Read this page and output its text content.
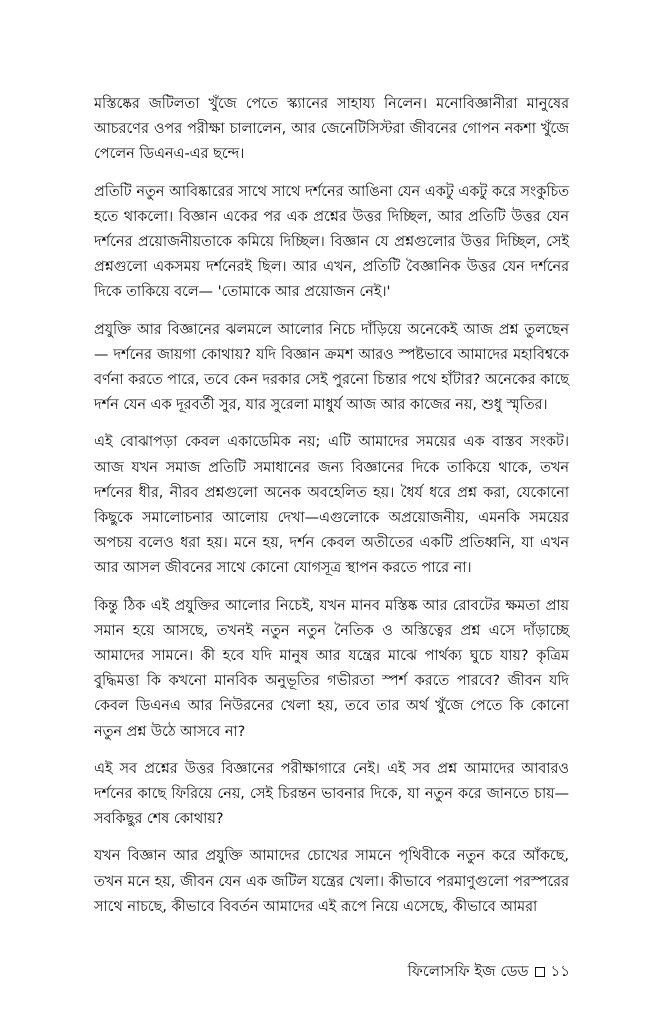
মস্তিষ্কের জটিলতা খুঁজে পেতে স্ক্যানের সাহায্য নিলেন। মনোবিজ্ঞানীরা মানুষের আচরণের ওপর পরীক্ষা চালালেন, আর জেনেটিসিস্টরা জীবনের গোপন নকশা খুঁজে পেলেন ডিএনএ-এর ছন্দে।

প্রতিটি নতুন আবিষ্কারের সাথে সাথে দর্শনের আঙিনা যেন একটু একটু করে সংকুচিত হতে থাকলো। বিজ্ঞান একের পর এক প্রশ্নের উত্তর দিচ্ছিল, আর প্রতিটি উত্তর যেন দর্শনের প্রয়োজনীয়তাকে কমিয়ে দিচ্ছিল। বিজ্ঞান যে প্রশ্নগুলোর উত্তর দিচ্ছিল, সেই প্রশ্নগুলো একসময় দর্শনেরই ছিল। আর এখন, প্রতিটি বৈজ্ঞানিক উত্তর যেন দর্শনের দিকে তাকিয়ে বলে— 'তোমাকে আর প্রয়োজন নেই।'

প্রযুক্তি আর বিজ্ঞানের ঝলমলে আলোর নিচে দাঁড়িয়ে অনেকেই আজ প্রশ্ন তুলছেন— দর্শনের জায়গা কোথায়? যদি বিজ্ঞান ক্রমশ আরও স্পষ্টভাবে আমাদের মহাবিশ্বকে বর্ণনা করতে পারে, তবে কেন দরকার সেই পুরনো চিন্তার পথে হাঁটার? অনেকের কাছে দর্শন যেন এক দূরবর্তী সুর, যার সুরেলা মাধুর্য আজ আর কাজের নয়, শুধু স্মৃতির।

এই বোঝাপড়া কেবল একাডেমিক নয়; এটি আমাদের সময়ের এক বাস্তব সংকট। আজ যখন সমাজ প্রতিটি সমাধানের জন্য বিজ্ঞানের দিকে তাকিয়ে থাকে, তখন দর্শনের ধীর, নীরব প্রশ্নগুলো অনেক অবহেলিত হয়। ধৈর্য ধরে প্রশ্ন করা, যেকোনো কিছুকে সমালোচনার আলোয় দেখা—এগুলোকে অপ্রয়োজনীয়, এমনকি সময়ের অপচয় বলেও ধরা হয়। মনে হয়, দর্শন কেবল অতীতের একটি প্রতিধ্বনি, যা এখন আর আসল জীবনের সাথে কোনো যোগসূত্র স্থাপন করতে পারে না।

কিন্তু ঠিক এই প্রযুক্তির আলোর নিচেই, যখন মানব মস্তিষ্ক আর রোবটের ক্ষমতা প্রায় সমান হয়ে আসছে, তখনই নতুন নতুন নৈতিক ও অস্তিত্বের প্রশ্ন এসে দাঁড়াচ্ছে আমাদের সামনে। কী হবে যদি মানুষ আর যন্ত্রের মাঝে পার্থক্য ঘুচে যায়? কৃত্রিম বুদ্ধিমত্তা কি কখনো মানবিক অনুভূতির গভীরতা স্পর্শ করতে পারবে? জীবন যদি কেবল ডিএনএ আর নিউরনের খেলা হয়, তবে তার অর্থ খুঁজে পেতে কি কোনো নতুন প্রশ্ন উঠে আসবে না?

এই সব প্রশ্নের উত্তর বিজ্ঞানের পরীক্ষাগারে নেই। এই সব প্রশ্ন আমাদের আবারও দর্শনের কাছে ফিরিয়ে নেয়, সেই চিরন্তন ভাবনার দিকে, যা নতুন করে জানতে চায়—সবকিছুর শেষ কোথায়?

যখন বিজ্ঞান আর প্রযুক্তি আমাদের চোখের সামনে পৃথিবীকে নতুন করে আঁকছে, তখন মনে হয়, জীবন যেন এক জটিল যন্ত্রের খেলা। কীভাবে পরমাণুগুলো পরস্পরের সাথে নাচছে, কীভাবে বিবর্তন আমাদের এই রূপে নিয়ে এসেছে, কীভাবে আমরা

ফিলোসফি ইজ ডেড ১১
